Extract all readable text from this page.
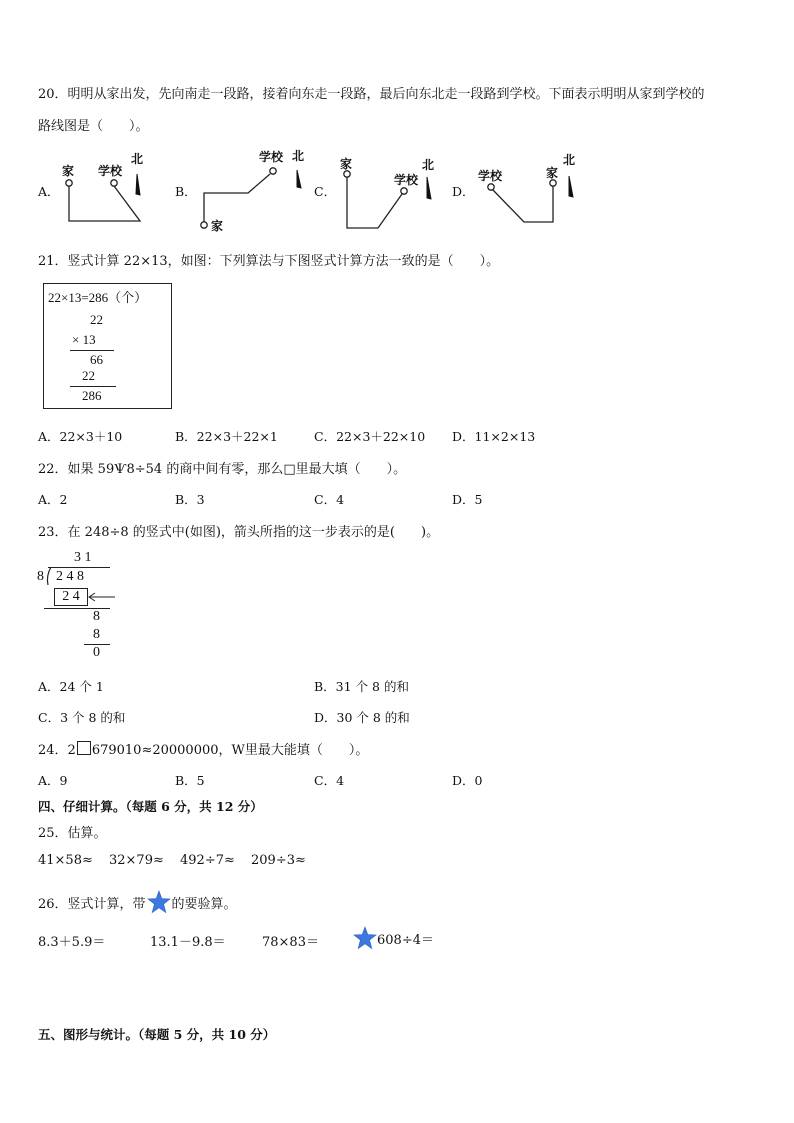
20．明明从家出发，先向南走一段路，接着向东走一段路，最后向东北走一段路到学校。下面表示明明从家到学校的
路线图是（　　）。
A．	B．	C．	D．
家 学校
北
家
学校 北
家
学校
北
学校	家
北
21．竖式计算 22×13，如图：下列算法与下图竖式计算方法一致的是（　　）。
22×13=286（个）
22
× 13
66
22
286
A．22×3＋10	B．22×3＋22×1	C．22×3＋22×10 D．11×2×13
22．如果 59Ѱ8÷54 的商中间有零，那么□里最大填（　　）。
A．2	B．3	C．4	D．5
23．在 248÷8 的竖式中(如图)，箭头所指的这一步表示的是(　　)。
3 1
8 2 4 8
2 4
8
8
0
A．24 个 1	B．31 个 8 的和
C．3 个 8 的和	D．30 个 8 的和
24．2 679010≈20000000，W里最大能填（　　）。
A．9	B．5	C．4	D．0
四、仔细计算。（每题 6 分，共 12 分）
25．估算。
41×58≈ 32×79≈ 492÷7≈ 209÷3≈
26．竖式计算，带 的要验算。
8.3＋5.9＝	13.1－9.8＝	78×83＝	608÷4＝
五、图形与统计。（每题 5 分，共 10 分）
